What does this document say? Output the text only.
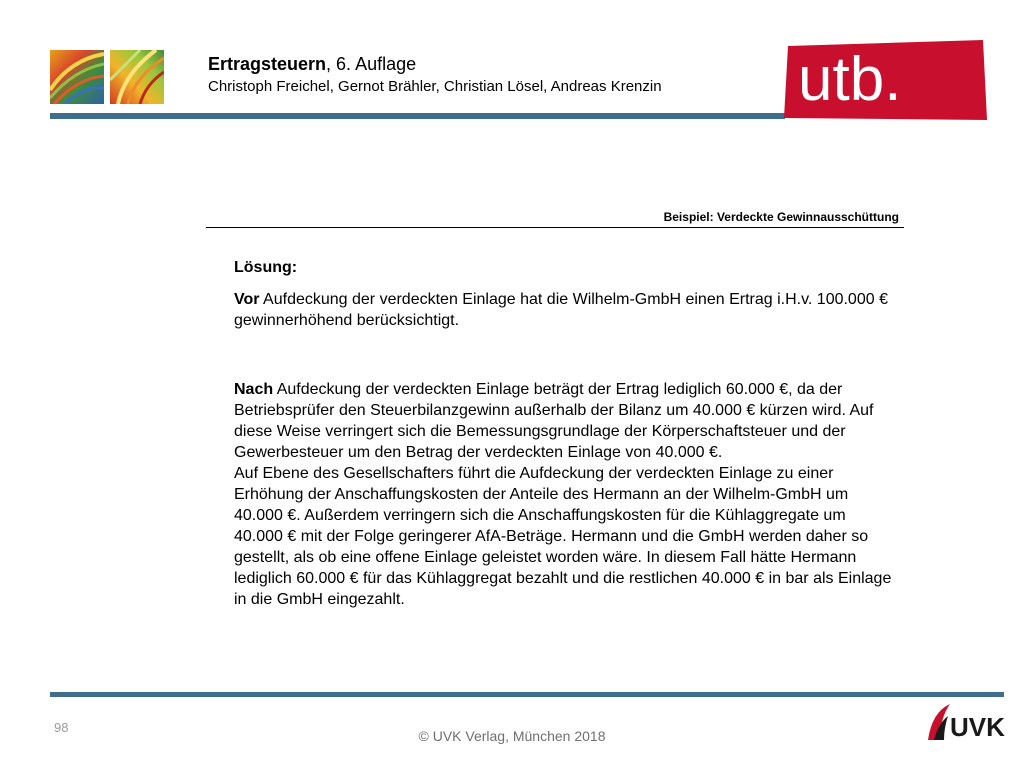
Ertragsteuern, 6. Auflage
Christoph Freichel, Gernot Brähler, Christian Lösel, Andreas Krenzin utb.
Beispiel: Verdeckte Gewinnausschüttung
Lösung:
Vor Aufdeckung der verdeckten Einlage hat die Wilhelm-GmbH einen Ertrag i.H.v. 100.000 € gewinnerhöhend berücksichtigt.
Nach Aufdeckung der verdeckten Einlage beträgt der Ertrag lediglich 60.000 €, da der Betriebsprüfer den Steuerbilanzgewinn außerhalb der Bilanz um 40.000 € kürzen wird. Auf diese Weise verringert sich die Bemessungsgrundlage der Körperschaftsteuer und der Gewerbesteuer um den Betrag der verdeckten Einlage von 40.000 €.
Auf Ebene des Gesellschafters führt die Aufdeckung der verdeckten Einlage zu einer Erhöhung der Anschaffungskosten der Anteile des Hermann an der Wilhelm-GmbH um 40.000 €. Außerdem verringern sich die Anschaffungskosten für die Kühlaggregate um 40.000 € mit der Folge geringerer AfA-Beträge. Hermann und die GmbH werden daher so gestellt, als ob eine offene Einlage geleistet worden wäre. In diesem Fall hätte Hermann lediglich 60.000 € für das Kühlaggregat bezahlt und die restlichen 40.000 € in bar als Einlage in die GmbH eingezahlt.
98
© UVK Verlag, München 2018	UVK
